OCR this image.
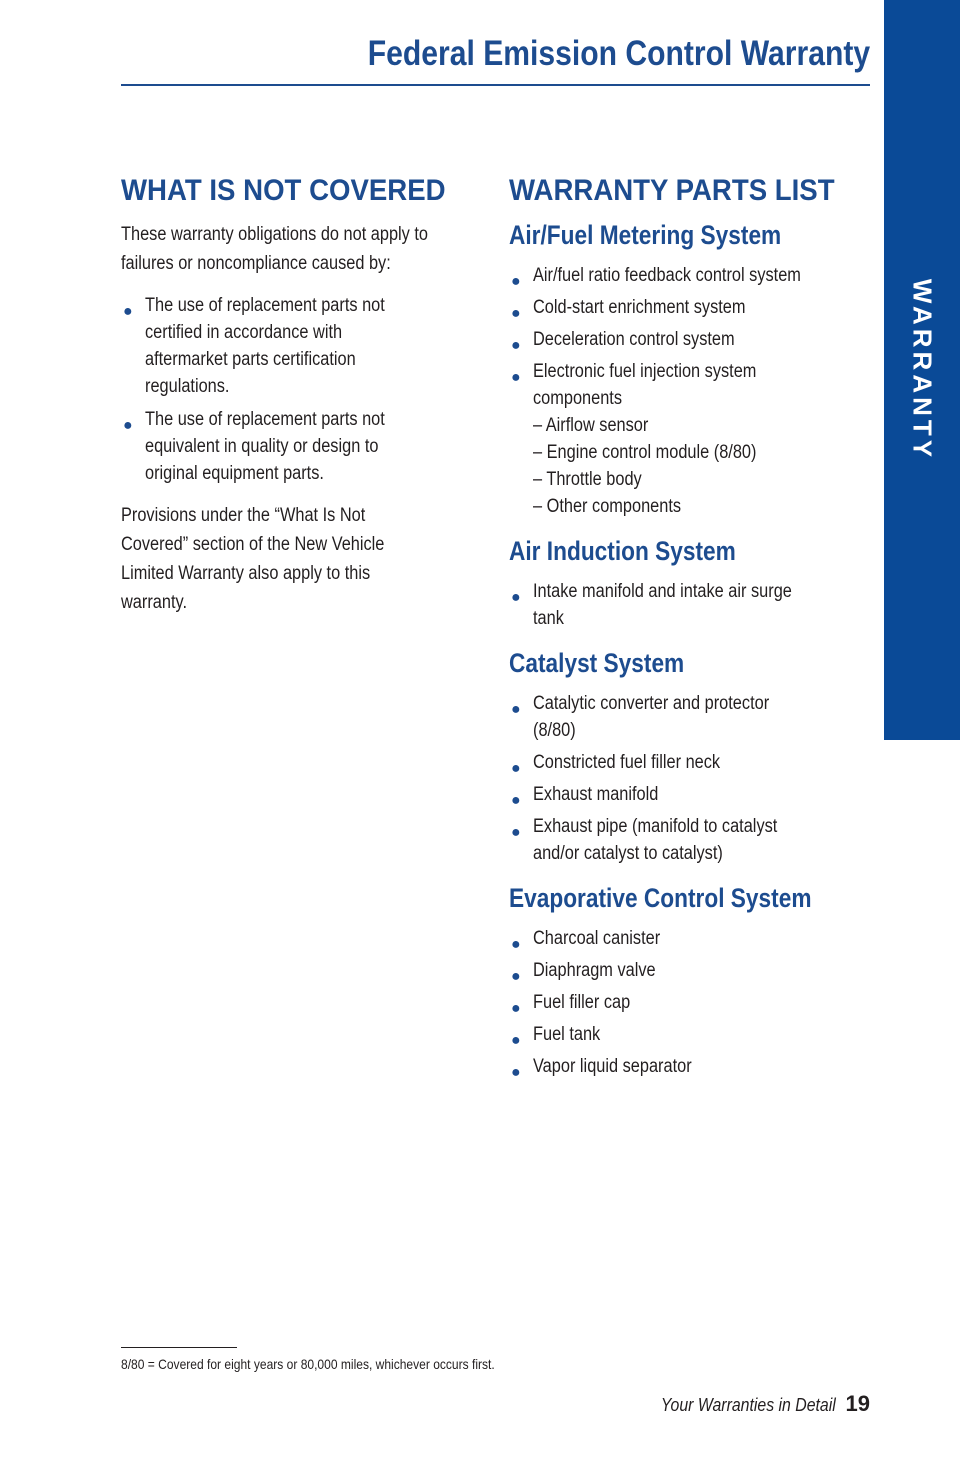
Federal Emission Control Warranty
WARRANTY
WHAT IS NOT COVERED
These warranty obligations do not apply to
failures or noncompliance caused by:
● The use of replacement parts not
certified in accordance with
aftermarket parts certification
regulations.
● The use of replacement parts not
equivalent in quality or design to
original equipment parts.
Provisions under the “What Is Not
Covered” section of the New Vehicle
Limited Warranty also apply to this
warranty.
WARRANTY PARTS LIST
Air/Fuel Metering System
● Air/fuel ratio feedback control system
● Cold-start enrichment system
● Deceleration control system
● Electronic fuel injection system
components
– Airflow sensor
– Engine control module (8/80)
– Throttle body
– Other components
Air Induction System
● Intake manifold and intake air surge
tank
Catalyst System
● Catalytic converter and protector
(8/80)
● Constricted fuel filler neck
● Exhaust manifold
● Exhaust pipe (manifold to catalyst
and/or catalyst to catalyst)
Evaporative Control System
● Charcoal canister
● Diaphragm valve
● Fuel filler cap
● Fuel tank
● Vapor liquid separator
8/80 = Covered for eight years or 80,000 miles, whichever occurs first.
Your Warranties in Detail 19
